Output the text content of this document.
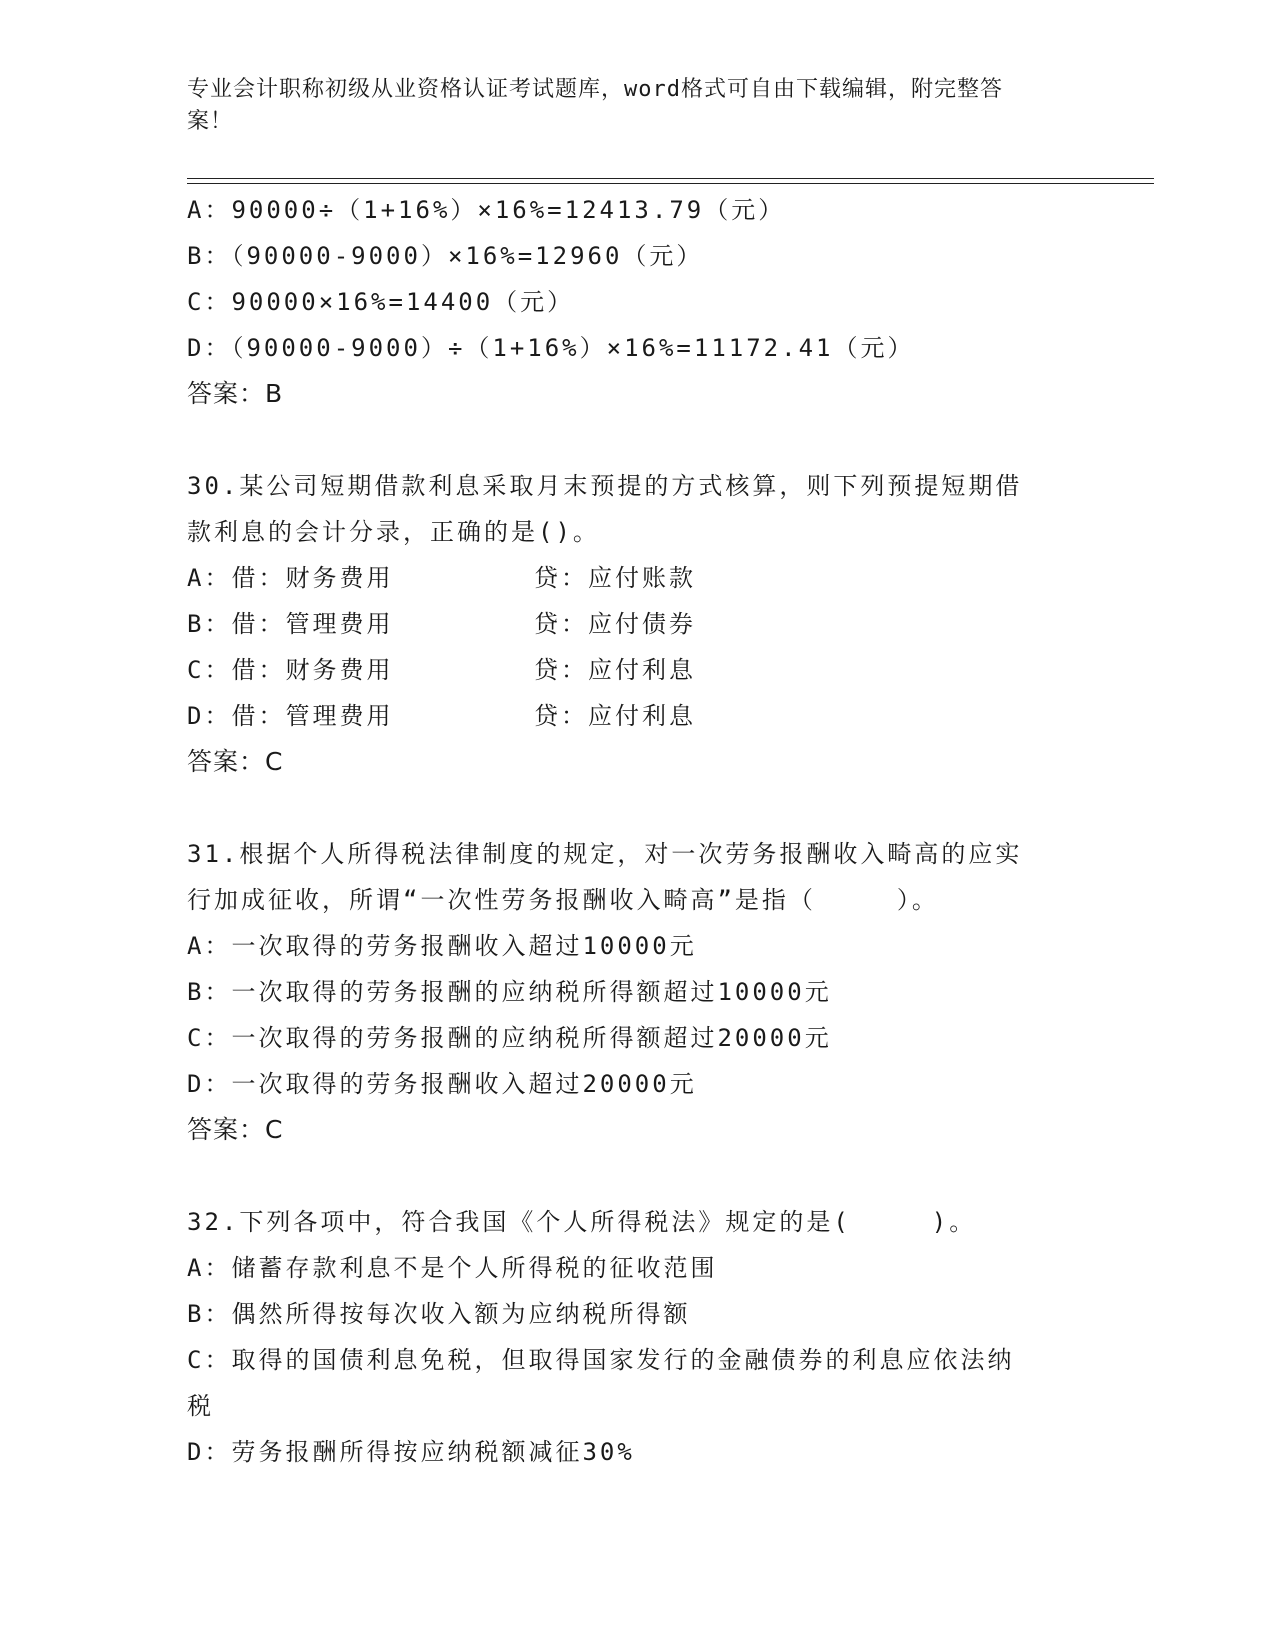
专业会计职称初级从业资格认证考试题库，word格式可自由下载编辑，附完整答
案！
A：90000÷（1+16%）×16%=12413.79（元）
B：（90000-9000）×16%=12960（元）
C：90000×16%=14400（元）
D：（90000-9000）÷（1+16%）×16%=11172.41（元）
答案：B
30.某公司短期借款利息采取月末预提的方式核算，则下列预提短期借
款利息的会计分录，正确的是()。
A：借：财务费用	贷：应付账款
B：借：管理费用	贷：应付债券
C：借：财务费用	贷：应付利息
D：借：管理费用	贷：应付利息
答案：C
31.根据个人所得税法律制度的规定，对一次劳务报酬收入畸高的应实
行加成征收，所谓“一次性劳务报酬收入畸高”是指（　　　）。
A：一次取得的劳务报酬收入超过10000元
B：一次取得的劳务报酬的应纳税所得额超过10000元
C：一次取得的劳务报酬的应纳税所得额超过20000元
D：一次取得的劳务报酬收入超过20000元
答案：C
32.下列各项中，符合我国《个人所得税法》规定的是(　　　)。
A：储蓄存款利息不是个人所得税的征收范围
B：偶然所得按每次收入额为应纳税所得额
C：取得的国债利息免税，但取得国家发行的金融债券的利息应依法纳
税
D：劳务报酬所得按应纳税额减征30%
